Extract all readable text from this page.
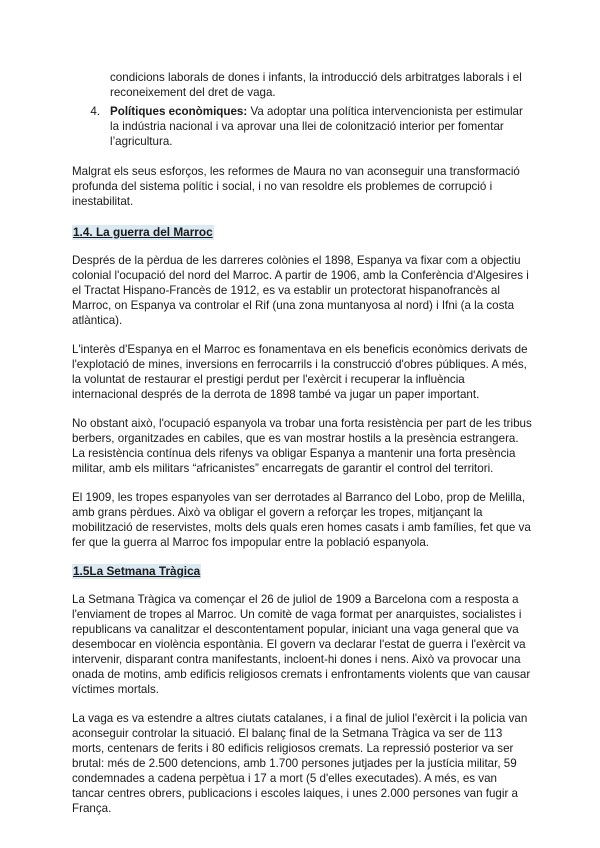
condicions laborals de dones i infants, la introducció dels arbitratges laborals i el reconeixement del dret de vaga.

4. Polítiques econòmiques: Va adoptar una política intervencionista per estimular la indústria nacional i va aprovar una llei de colonització interior per fomentar l’agricultura.

Malgrat els seus esforços, les reformes de Maura no van aconseguir una transformació profunda del sistema polític i social, i no van resoldre els problemes de corrupció i inestabilitat.

1.4. La guerra del Marroc

Després de la pèrdua de les darreres colònies el 1898, Espanya va fixar com a objectiu colonial l'ocupació del nord del Marroc. A partir de 1906, amb la Conferència d'Algesires i el Tractat Hispano-Francès de 1912, es va establir un protectorat hispanofrancès al Marroc, on Espanya va controlar el Rif (una zona muntanyosa al nord) i Ifni (a la costa atlàntica).

L'interès d'Espanya en el Marroc es fonamentava en els beneficis econòmics derivats de l'explotació de mines, inversions en ferrocarrils i la construcció d'obres públiques. A més, la voluntat de restaurar el prestigi perdut per l'exèrcit i recuperar la influència internacional després de la derrota de 1898 també va jugar un paper important.

No obstant això, l'ocupació espanyola va trobar una forta resistència per part de les tribus berbers, organitzades en cabiles, que es van mostrar hostils a la presència estrangera. La resistència contínua dels rifenys va obligar Espanya a mantenir una forta presència militar, amb els militars “africanistes” encarregats de garantir el control del territori.

El 1909, les tropes espanyoles van ser derrotades al Barranco del Lobo, prop de Melilla, amb grans pèrdues. Això va obligar el govern a reforçar les tropes, mitjançant la mobilització de reservistes, molts dels quals eren homes casats i amb famílies, fet que va fer que la guerra al Marroc fos impopular entre la població espanyola.

1.5La Setmana Tràgica

La Setmana Tràgica va començar el 26 de juliol de 1909 a Barcelona com a resposta a l'enviament de tropes al Marroc. Un comitè de vaga format per anarquistes, socialistes i republicans va canalitzar el descontentament popular, iniciant una vaga general que va desembocar en violència espontània. El govern va declarar l'estat de guerra i l'exèrcit va intervenir, disparant contra manifestants, incloent-hi dones i nens. Això va provocar una onada de motins, amb edificis religiosos cremats i enfrontaments violents que van causar víctimes mortals.

La vaga es va estendre a altres ciutats catalanes, i a final de juliol l'exèrcit i la policia van aconseguir controlar la situació. El balanç final de la Setmana Tràgica va ser de 113 morts, centenars de ferits i 80 edificis religiosos cremats. La repressió posterior va ser brutal: més de 2.500 detencions, amb 1.700 persones jutjades per la justícia militar, 59 condemnades a cadena perpètua i 17 a mort (5 d'elles executades). A més, es van tancar centres obrers, publicacions i escoles laiques, i unes 2.000 persones van fugir a França.
